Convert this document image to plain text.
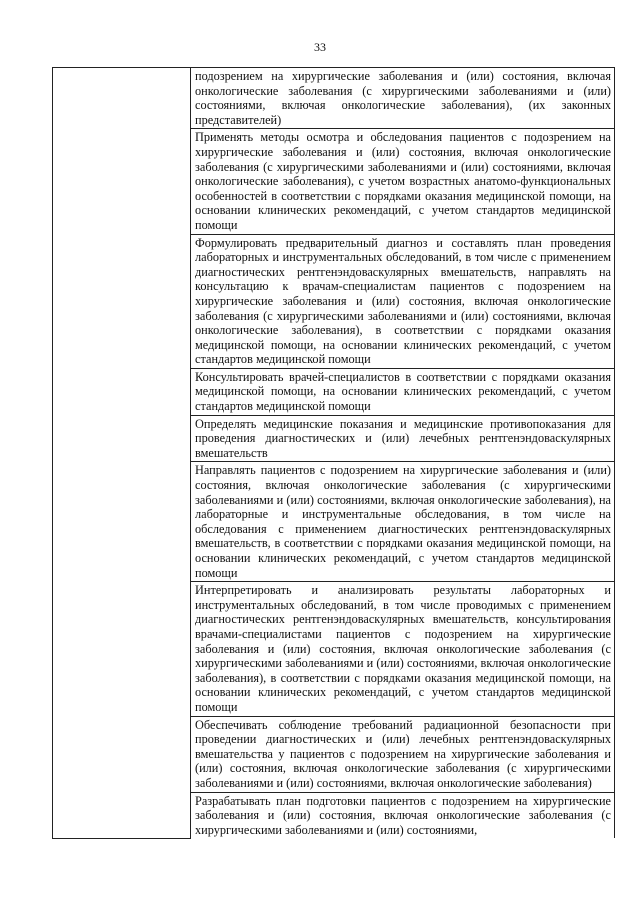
33

подозрением на хирургические заболевания и (или) состояния, включая онкологические заболевания (с хирургическими заболеваниями и (или) состояниями, включая онкологические заболевания), (их законных представителей)

Применять методы осмотра и обследования пациентов с подозрением на хирургические заболевания и (или) состояния, включая онкологические заболевания (с хирургическими заболеваниями и (или) состояниями, включая онкологические заболевания), с учетом возрастных анатомо-функциональных особенностей в соответствии с порядками оказания медицинской помощи, на основании клинических рекомендаций, с учетом стандартов медицинской помощи

Формулировать предварительный диагноз и составлять план проведения лабораторных и инструментальных обследований, в том числе с применением диагностических рентгенэндоваскулярных вмешательств, направлять на консультацию к врачам-специалистам пациентов с подозрением на хирургические заболевания и (или) состояния, включая онкологические заболевания (с хирургическими заболеваниями и (или) состояниями, включая онкологические заболевания), в соответствии с порядками оказания медицинской помощи, на основании клинических рекомендаций, с учетом стандартов медицинской помощи

Консультировать врачей-специалистов в соответствии с порядками оказания медицинской помощи, на основании клинических рекомендаций, с учетом стандартов медицинской помощи

Определять медицинские показания и медицинские противопоказания для проведения диагностических и (или) лечебных рентгенэндоваскулярных вмешательств

Направлять пациентов с подозрением на хирургические заболевания и (или) состояния, включая онкологические заболевания (с хирургическими заболеваниями и (или) состояниями, включая онкологические заболевания), на лабораторные и инструментальные обследования, в том числе на обследования с применением диагностических рентгенэндоваскулярных вмешательств, в соответствии с порядками оказания медицинской помощи, на основании клинических рекомендаций, с учетом стандартов медицинской помощи

Интерпретировать и анализировать результаты лабораторных и инструментальных обследований, в том числе проводимых с применением диагностических рентгенэндоваскулярных вмешательств, консультирования врачами-специалистами пациентов с подозрением на хирургические заболевания и (или) состояния, включая онкологические заболевания (с хирургическими заболеваниями и (или) состояниями, включая онкологические заболевания), в соответствии с порядками оказания медицинской помощи, на основании клинических рекомендаций, с учетом стандартов медицинской помощи

Обеспечивать соблюдение требований радиационной безопасности при проведении диагностических и (или) лечебных рентгенэндоваскулярных вмешательства у пациентов с подозрением на хирургические заболевания и (или) состояния, включая онкологические заболевания (с хирургическими заболеваниями и (или) состояниями, включая онкологические заболевания)

Разрабатывать план подготовки пациентов с подозрением на хирургические заболевания и (или) состояния, включая онкологические заболевания (с хирургическими заболеваниями и (или) состояниями,
